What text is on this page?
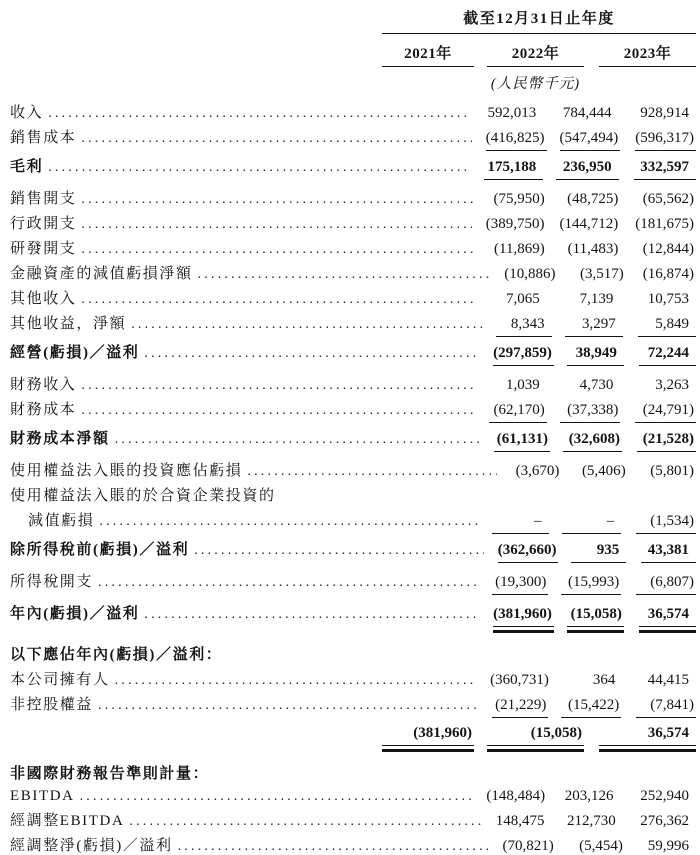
截至12月31日止年度
2021年	2022年	2023年
(人民幣千元)
收入 .....	592,013	784,444	928,914
銷售成本 .....	(416,825) (547,494) (596,317)
毛利 .....	175,188	236,950	332,597
銷售開支 .....	(75,950)	(48,725)	(65,562)
行政開支 .....	(389,750) (144,712) (181,675)
研發開支 .....	(11,869)	(11,483)	(12,844)
金融資產的減值虧損淨額 .....	(10,886)	(3,517) (16,874)
其他收入 .....	7,065	7,139	10,753
其他收益，淨額 .....	8,343	3,297	5,849
經營(虧損)／溢利 .....	(297,859)	38,949	72,244
財務收入 .....	1,039	4,730	3,263
財務成本 .....	(62,170)	(37,338)	(24,791)
財務成本淨額 .....	(61,131)	(32,608)	(21,528)
使用權益法入賬的投資應佔虧損 .....	(3,670)	(5,406)	(5,801)
使用權益法入賬的於合資企業投資的
減值虧損 .....	–	–	(1,534)
除所得稅前(虧損)／溢利 .....	(362,660)	935	43,381
所得稅開支 .....	(19,300)	(15,993)	(6,807)
年內(虧損)／溢利 .....	(381,960) (15,058)	36,574
以下應佔年內(虧損)／溢利：
本公司擁有人 .....	(360,731)	364	44,415
非控股權益 .....	(21,229)	(15,422)	(7,841)
(381,960)	(15,058)	36,574
非國際財務報告準則計量：
EBITDA .....	(148,484)	203,126	252,940
經調整EBITDA .....	148,475	212,730	276,362
經調整淨(虧損)／溢利 .....	(70,821)	(5,454)	59,996
